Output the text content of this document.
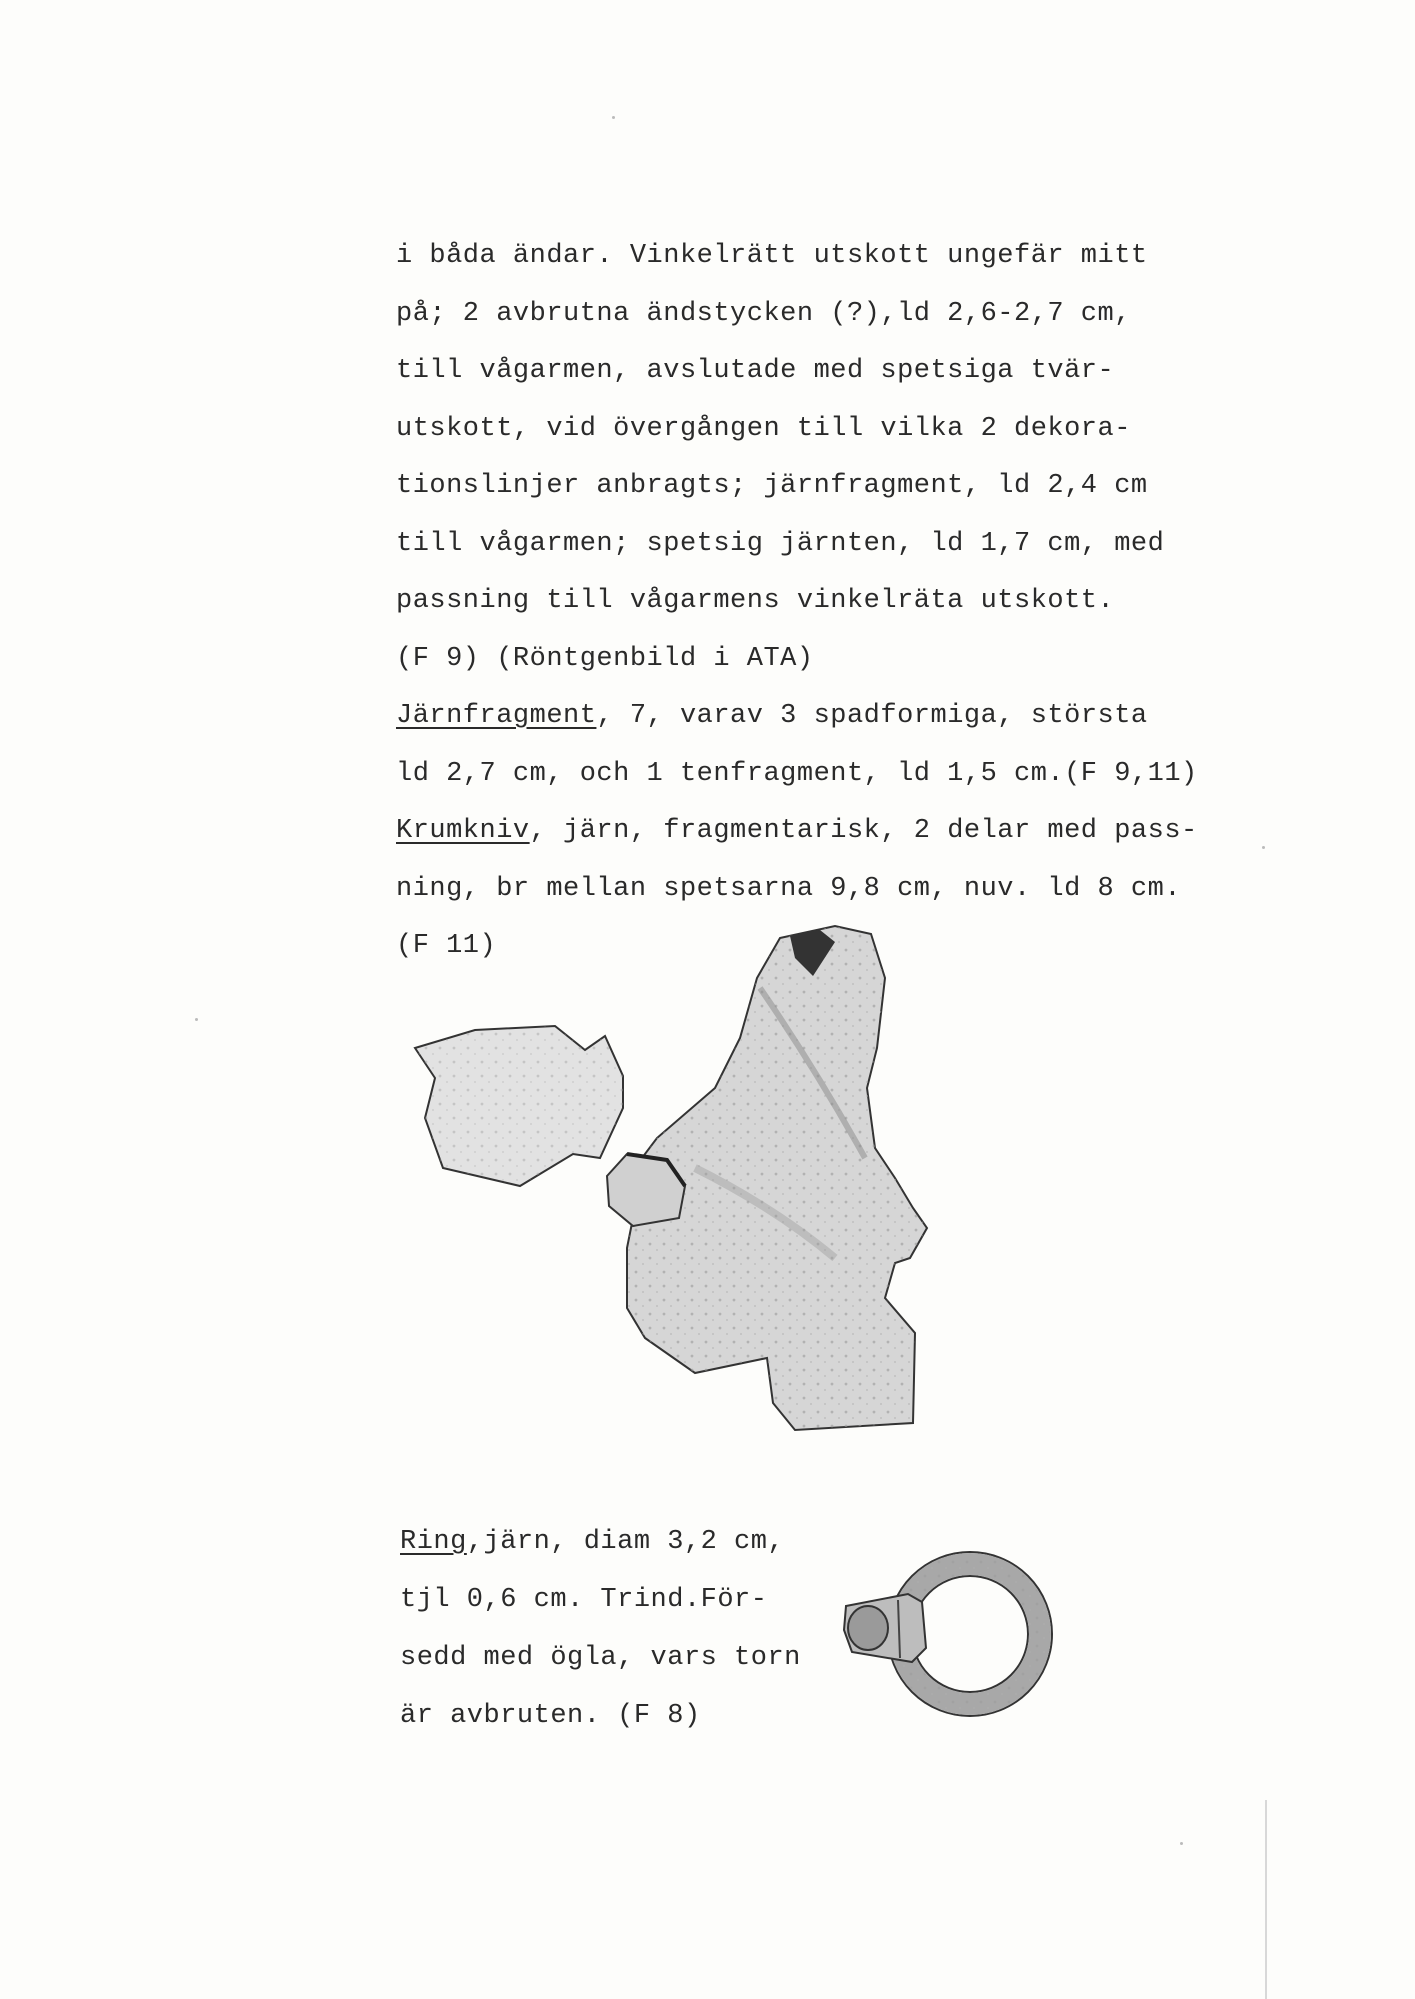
i båda ändar. Vinkelrätt utskott ungefär mitt
på; 2 avbrutna ändstycken (?),ld 2,6-2,7 cm,
till vågarmen, avslutade med spetsiga tvär-
utskott, vid övergången till vilka 2 dekora-
tionslinjer anbragts; järnfragment, ld 2,4 cm
till vågarmen; spetsig järnten, ld 1,7 cm, med
passning till vågarmens vinkelräta utskott.
(F 9) (Röntgenbild i ATA)
Järnfragment, 7, varav 3 spadformiga, största
ld 2,7 cm, och 1 tenfragment, ld 1,5 cm.(F 9,11)
Krumkniv, järn, fragmentarisk, 2 delar med pass-
ning, br mellan spetsarna 9,8 cm, nuv. ld 8 cm.
(F 11)
Ring,järn, diam 3,2 cm,
tjl 0,6 cm. Trind.För-
sedd med ögla, vars torn
är avbruten. (F 8)
